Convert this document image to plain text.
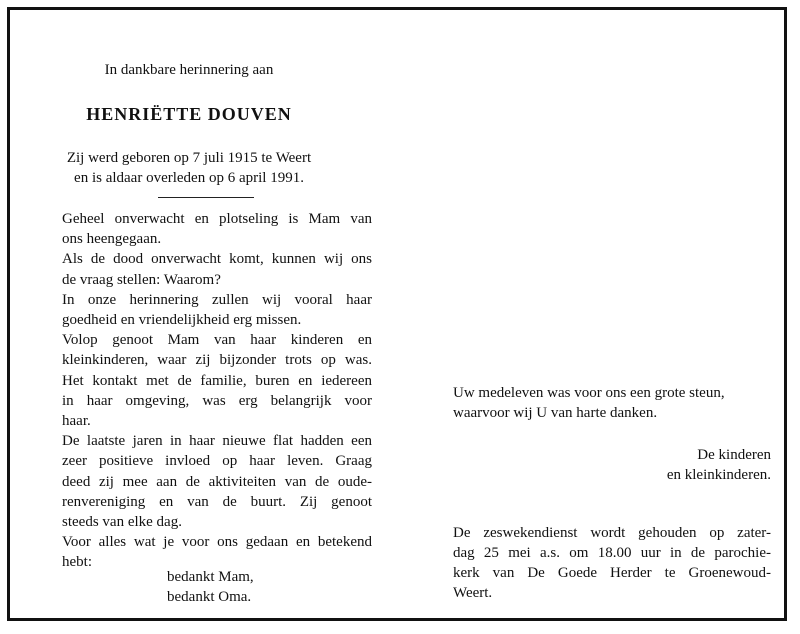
In dankbare herinnering aan
HENRIËTTE DOUVEN
Zij werd geboren op 7 juli 1915 te Weert
en is aldaar overleden op 6 april 1991.
Geheel onverwacht en plotseling is Mam van
ons heengegaan.
Als de dood onverwacht komt, kunnen wij ons
de vraag stellen: Waarom?
In onze herinnering zullen wij vooral haar
goedheid en vriendelijkheid erg missen.
Volop genoot Mam van haar kinderen en
kleinkinderen, waar zij bijzonder trots op was.
Het kontakt met de familie, buren en iedereen
in haar omgeving, was erg belangrijk voor
haar.
De laatste jaren in haar nieuwe flat hadden een
zeer positieve invloed op haar leven. Graag
deed zij mee aan de aktiviteiten van de oude-
renvereniging en van de buurt. Zij genoot
steeds van elke dag.
Voor alles wat je voor ons gedaan en betekend
hebt:
bedankt Mam,
bedankt Oma.
Uw medeleven was voor ons een grote steun,
waarvoor wij U van harte danken.
De kinderen
en kleinkinderen.
De zeswekendienst wordt gehouden op zater-
dag 25 mei a.s. om 18.00 uur in de parochie-
kerk van De Goede Herder te Groenewoud-
Weert.
